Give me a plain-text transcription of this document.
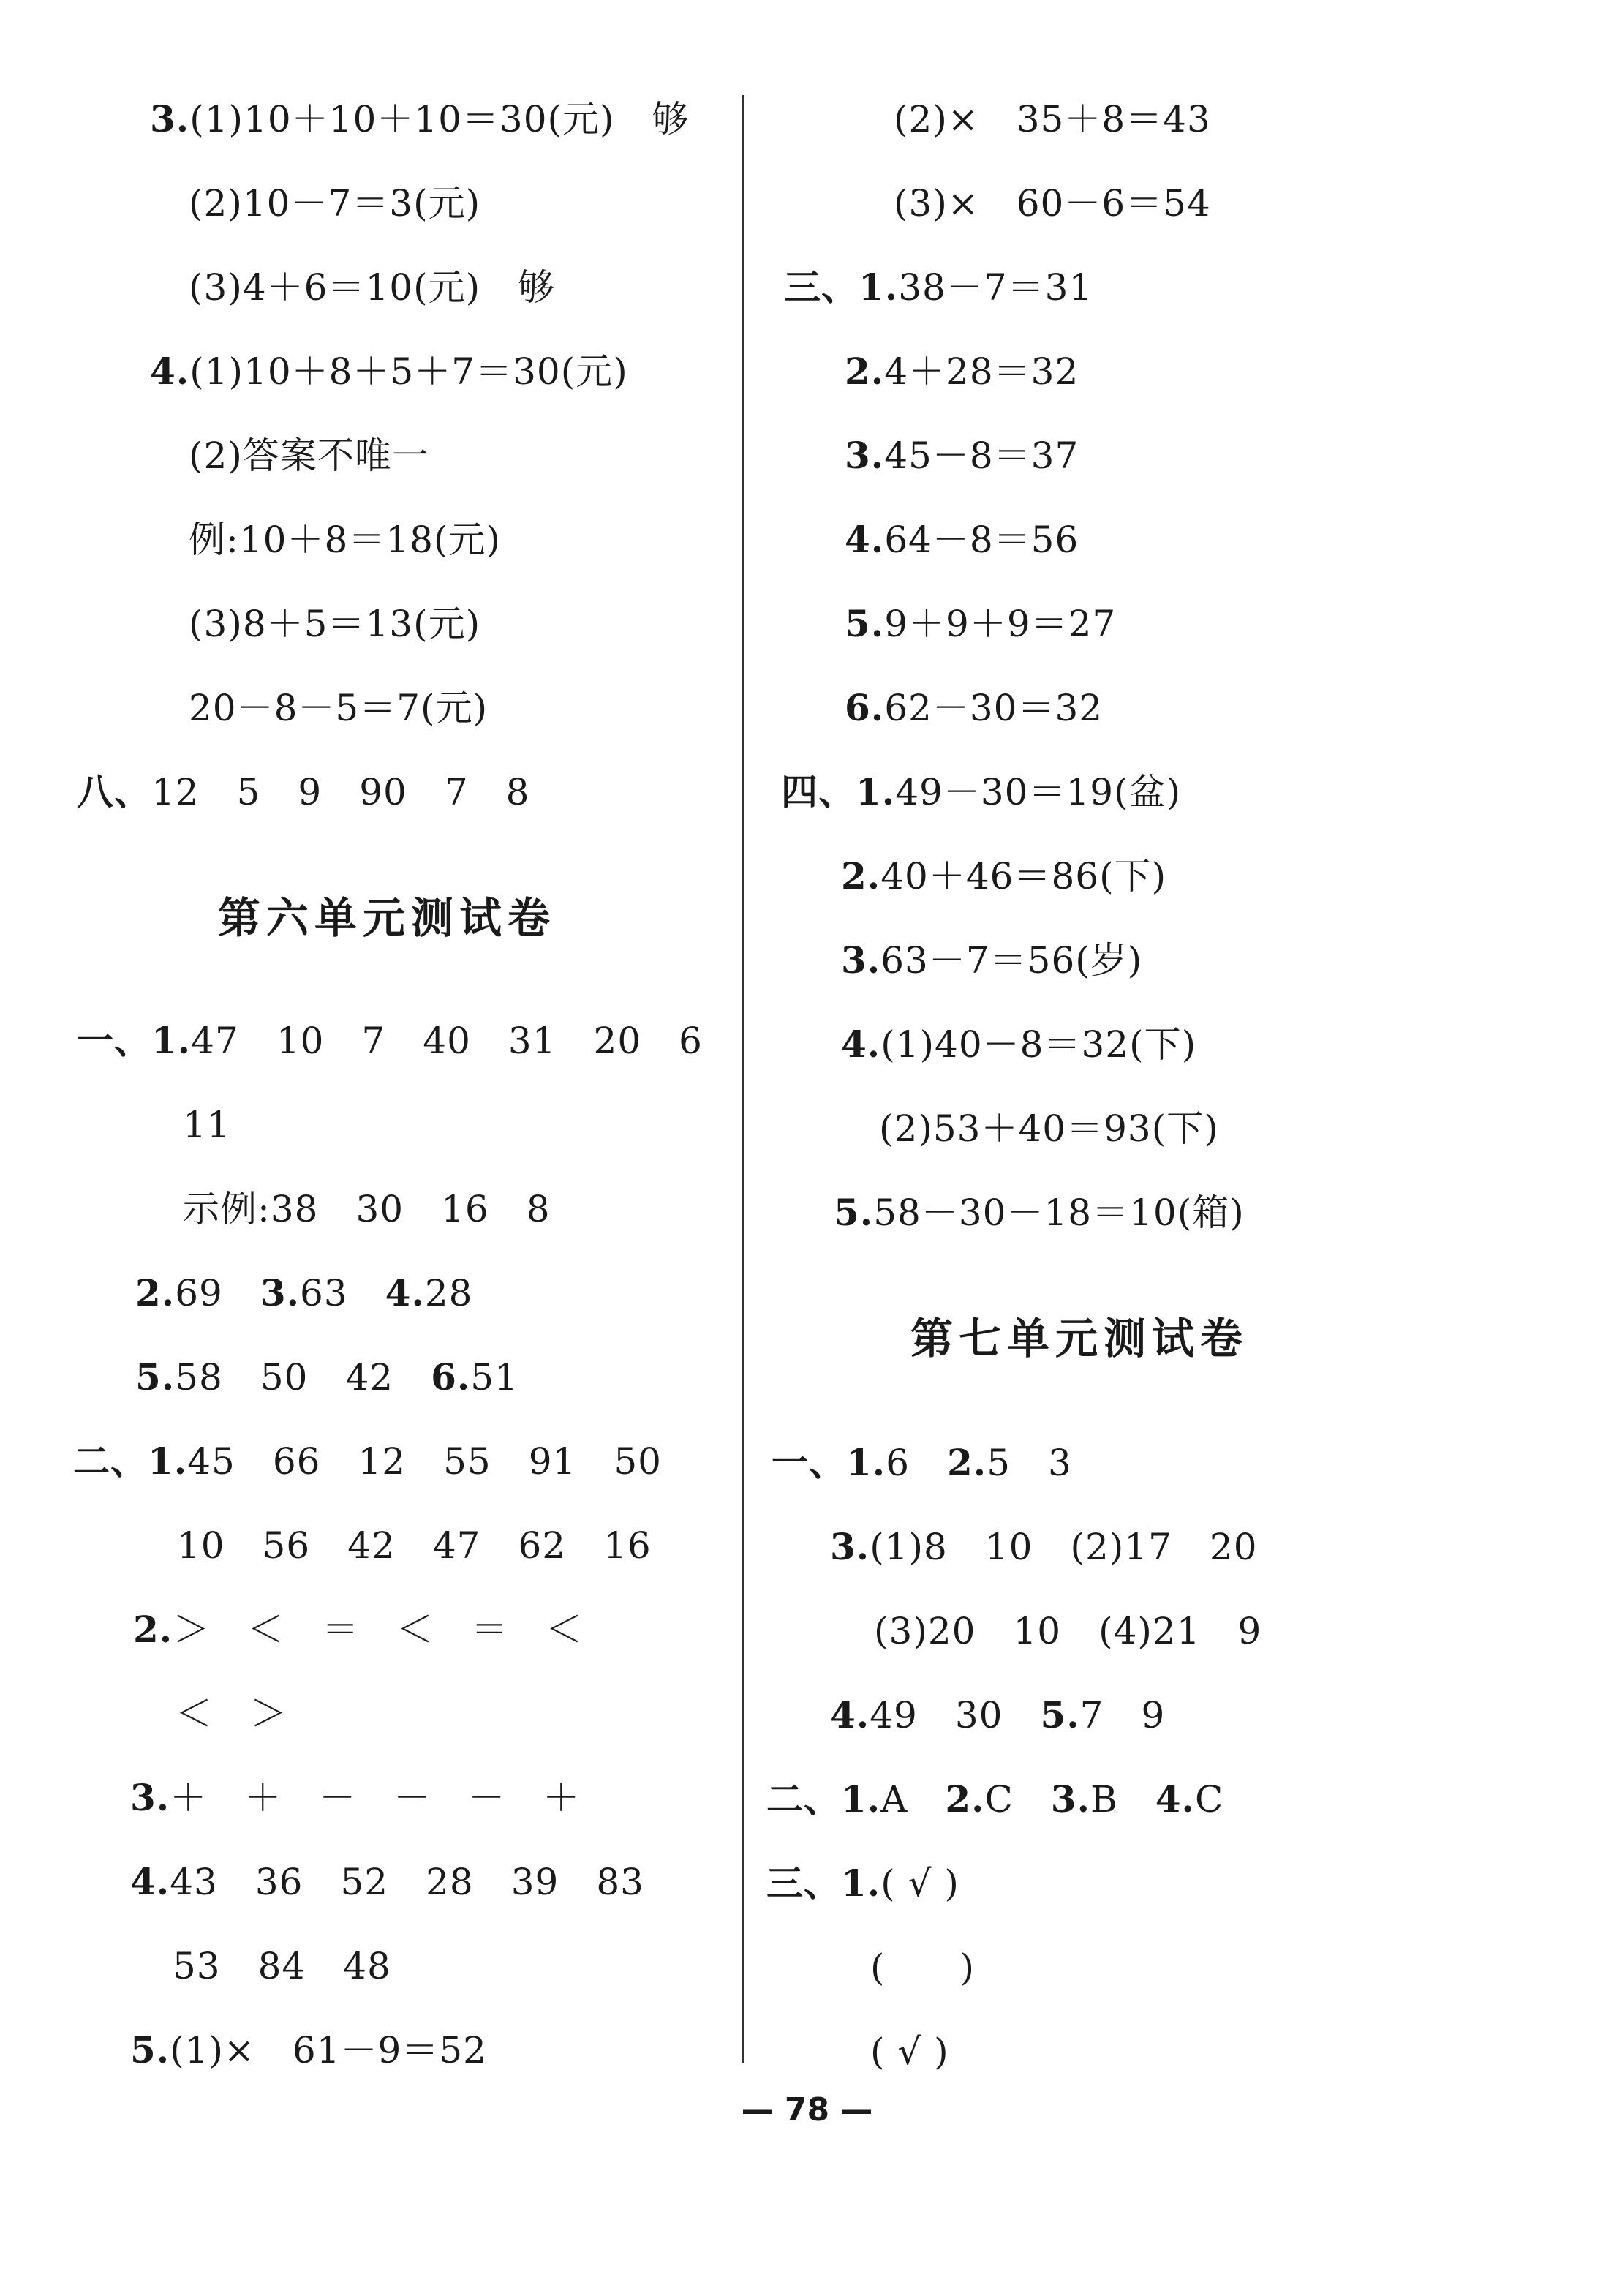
3.(1)10＋10＋10＝30(元)　够
(2)10－7＝3(元)
(3)4＋6＝10(元)　够
4.(1)10＋8＋5＋7＝30(元)
(2)答案不唯一
例:10＋8＝18(元)
(3)8＋5＝13(元)
20－8－5＝7(元)
八、12　5　9　90　7　8
第六单元测试卷
一、1.47　10　7　40　31　20　6
11
示例:38　30　16　8
2.69　3.63　4.28
5.58　50　42　6.51
二、1.45　66　12　55　91　50
10　56　42　47　62　16
2.＞　＜　＝　＜　＝　＜
＜　＞
3.＋　＋　－　－　－　＋
4.43　36　52　28　39　83
53　84　48
5.(1)×　61－9＝52
(2)×　35＋8＝43
(3)×　60－6＝54
三、1.38－7＝31
2.4＋28＝32
3.45－8＝37
4.64－8＝56
5.9＋9＋9＝27
6.62－30＝32
四、1.49－30＝19(盆)
2.40＋46＝86(下)
3.63－7＝56(岁)
4.(1)40－8＝32(下)
(2)53＋40＝93(下)
5.58－30－18＝10(箱)
第七单元测试卷
一、1.6　2.5　3
3.(1)8　10　(2)17　20
(3)20　10　(4)21　9
4.49　30　5.7　9
二、1.A　2.C　3.B　4.C
三、1.( √ )
(　　)
( √ )
— 78 —
